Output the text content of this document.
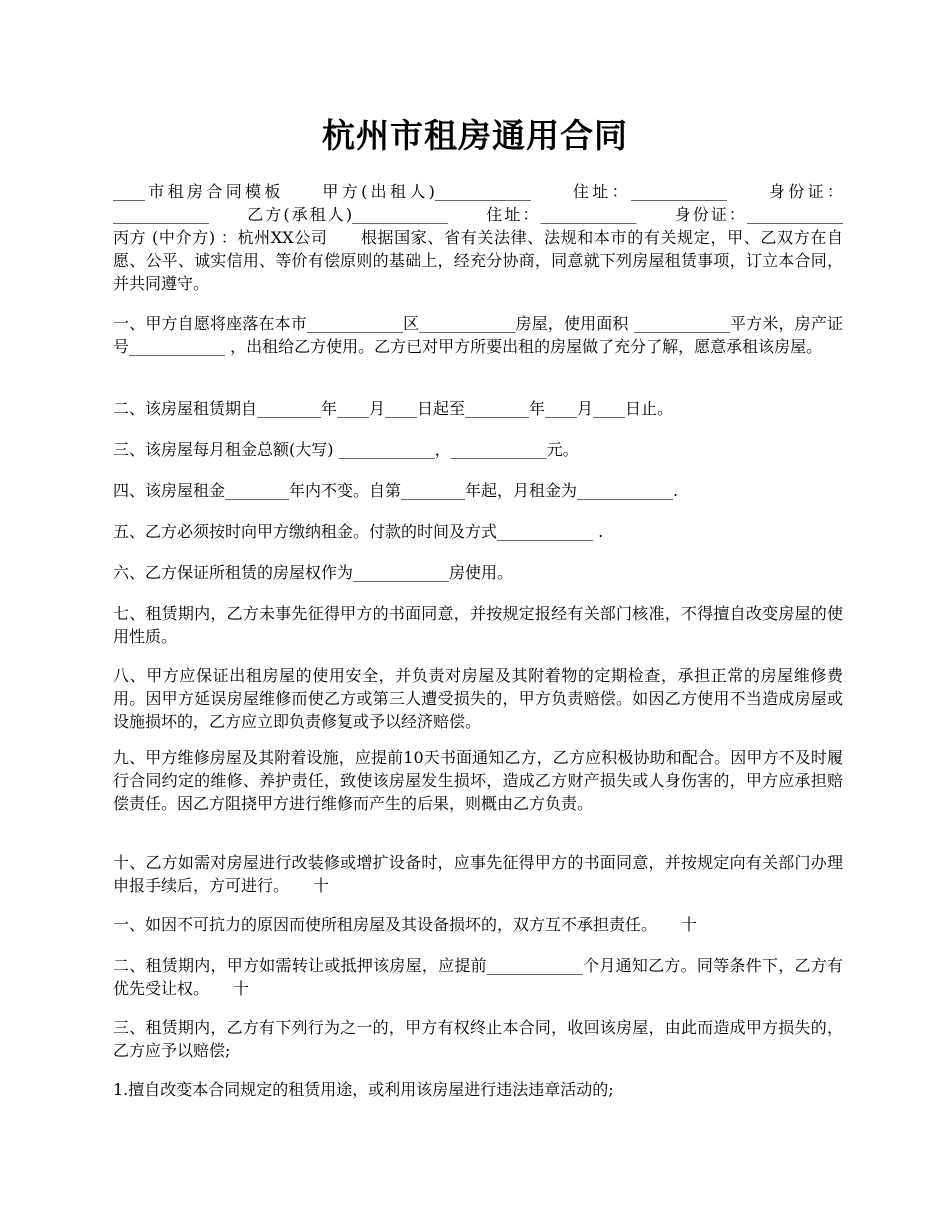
杭州市租房通用合同

____市租房合同模板　　甲方(出租人)____________　　住址：____________　　身份证：____________　　乙方(承租人)____________　　住址：____________　　身份证：____________　　丙方 (中介方) ：杭州XX公司　　根据国家、省有关法律、法规和本市的有关规定，甲、乙双方在自愿、公平、诚实信用、等价有偿原则的基础上，经充分协商，同意就下列房屋租赁事项，订立本合同，并共同遵守。

一、甲方自愿将座落在本市____________区____________房屋，使用面积 ____________平方米，房产证号____________ ，出租给乙方使用。乙方已对甲方所要出租的房屋做了充分了解，愿意承租该房屋。

二、该房屋租赁期自________年____月____日起至________年____月____日止。

三、该房屋每月租金总额(大写) ____________，____________元。

四、该房屋租金________年内不变。自第________年起，月租金为____________.

五、乙方必须按时向甲方缴纳租金。付款的时间及方式____________ .

六、乙方保证所租赁的房屋权作为____________房使用。

七、租赁期内，乙方未事先征得甲方的书面同意，并按规定报经有关部门核准，不得擅自改变房屋的使用性质。

八、甲方应保证出租房屋的使用安全，并负责对房屋及其附着物的定期检查，承担正常的房屋维修费用。因甲方延误房屋维修而使乙方或第三人遭受损失的，甲方负责赔偿。如因乙方使用不当造成房屋或设施损坏的，乙方应立即负责修复或予以经济赔偿。

九、甲方维修房屋及其附着设施，应提前10天书面通知乙方，乙方应积极协助和配合。因甲方不及时履行合同约定的维修、养护责任，致使该房屋发生损坏，造成乙方财产损失或人身伤害的，甲方应承担赔偿责任。因乙方阻挠甲方进行维修而产生的后果，则概由乙方负责。

十、乙方如需对房屋进行改装修或增扩设备时，应事先征得甲方的书面同意，并按规定向有关部门办理申报手续后，方可进行。　　十

一、如因不可抗力的原因而使所租房屋及其设备损坏的，双方互不承担责任。　　十

二、租赁期内，甲方如需转让或抵押该房屋，应提前____________个月通知乙方。同等条件下，乙方有优先受让权。　　十

三、租赁期内，乙方有下列行为之一的，甲方有权终止本合同，收回该房屋，由此而造成甲方损失的，乙方应予以赔偿;

1.擅自改变本合同规定的租赁用途，或利用该房屋进行违法违章活动的;
